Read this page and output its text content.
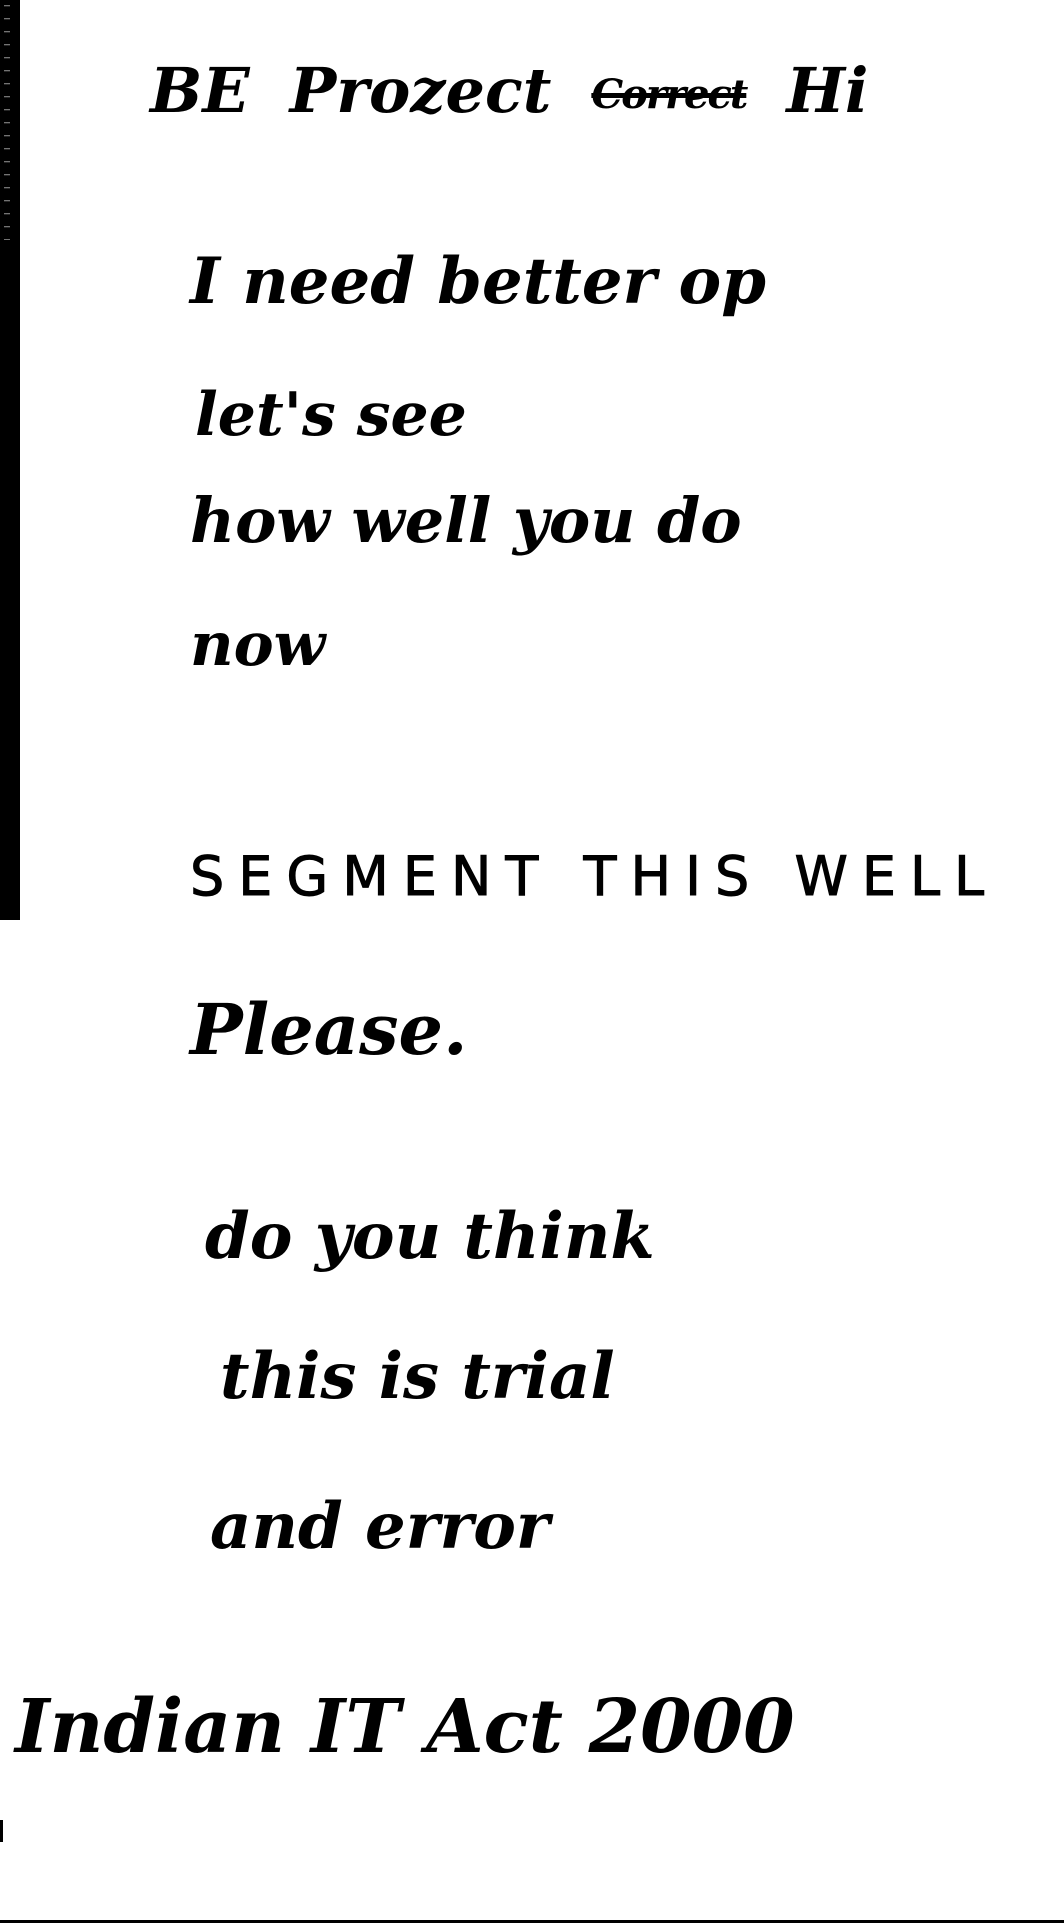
BE Prozect Correct Hi
I need better op
let's see
how well you do
now
SEGMENT THIS WELL
Please.
do you think
this is trial
and error
Indian IT Act 2000
